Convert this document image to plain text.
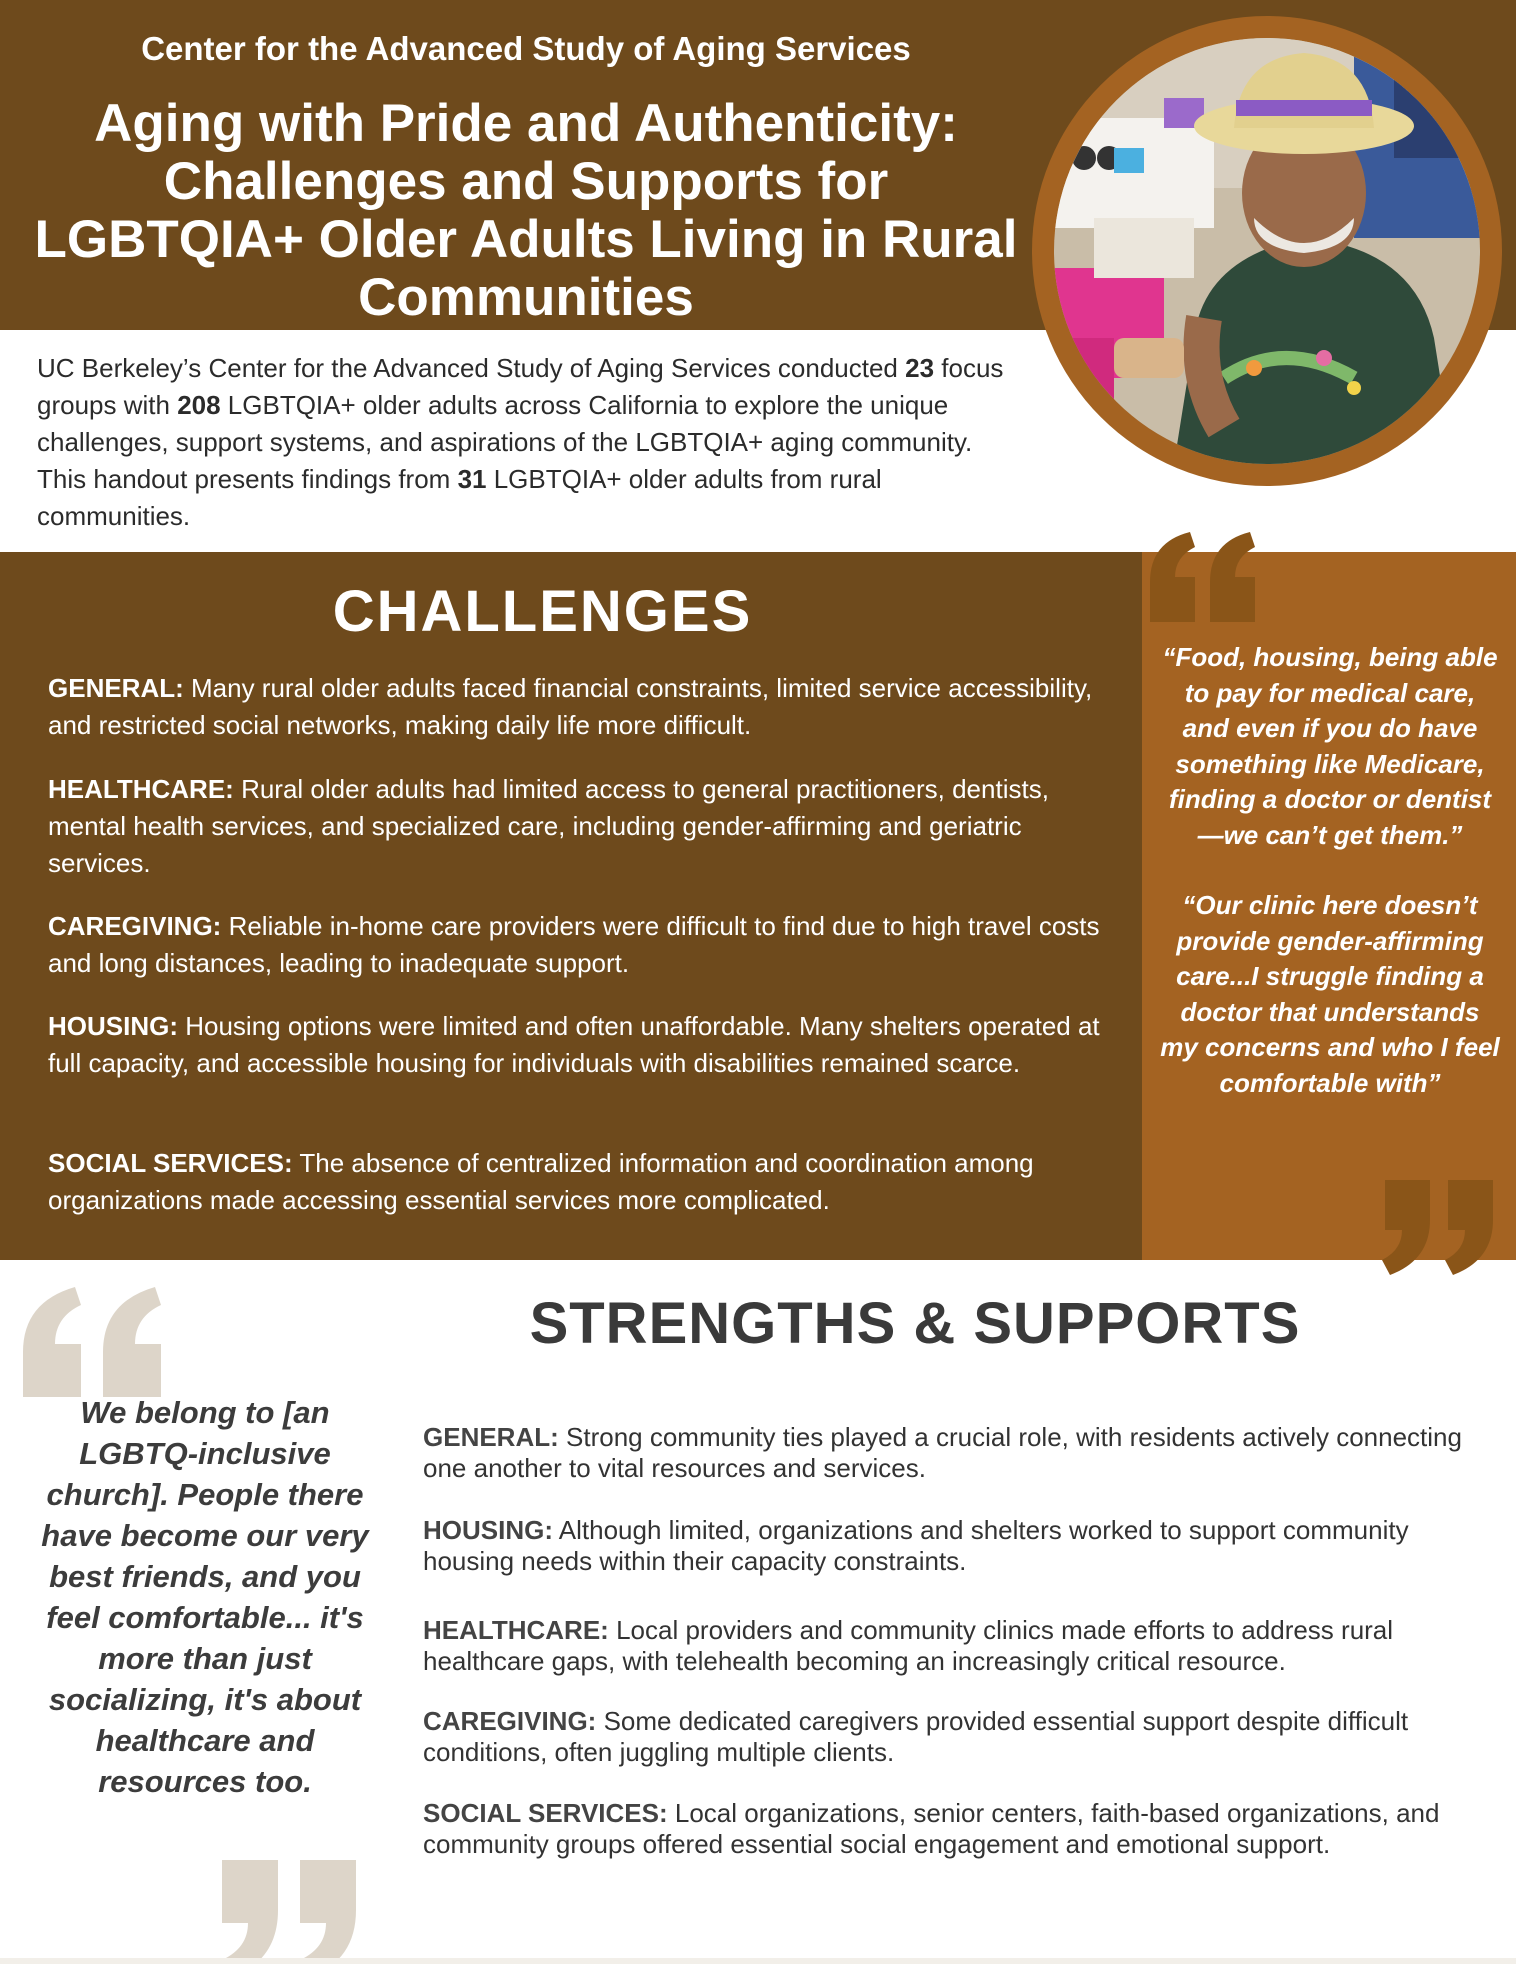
Center for the Advanced Study of Aging Services
Aging with Pride and Authenticity: Challenges and Supports for LGBTQIA+ Older Adults Living in Rural Communities
UC Berkeley’s Center for the Advanced Study of Aging Services conducted 23 focus groups with 208 LGBTQIA+ older adults across California to explore the unique challenges, support systems, and aspirations of the LGBTQIA+ aging community. This handout presents findings from 31 LGBTQIA+ older adults from rural communities.
CHALLENGES
GENERAL: Many rural older adults faced financial constraints, limited service accessibility, and restricted social networks, making daily life more difficult.
HEALTHCARE: Rural older adults had limited access to general practitioners, dentists, mental health services, and specialized care, including gender-affirming and geriatric services.
CAREGIVING: Reliable in-home care providers were difficult to find due to high travel costs and long distances, leading to inadequate support.
HOUSING: Housing options were limited and often unaffordable. Many shelters operated at full capacity, and accessible housing for individuals with disabilities remained scarce.
SOCIAL SERVICES: The absence of centralized information and coordination among organizations made accessing essential services more complicated.
“Food, housing, being able to pay for medical care, and even if you do have something like Medicare, finding a doctor or dentist—we can’t get them.”
“Our clinic here doesn’t provide gender-affirming care...I struggle finding a doctor that understands my concerns and who I feel comfortable with”
STRENGTHS & SUPPORTS
We belong to [an LGBTQ-inclusive church]. People there have become our very best friends, and you feel comfortable... it's more than just socializing, it's about healthcare and resources too.
GENERAL: Strong community ties played a crucial role, with residents actively connecting one another to vital resources and services.
HOUSING: Although limited, organizations and shelters worked to support community housing needs within their capacity constraints.
HEALTHCARE: Local providers and community clinics made efforts to address rural healthcare gaps, with telehealth becoming an increasingly critical resource.
CAREGIVING: Some dedicated caregivers provided essential support despite difficult conditions, often juggling multiple clients.
SOCIAL SERVICES: Local organizations, senior centers, faith-based organizations, and community groups offered essential social engagement and emotional support.
